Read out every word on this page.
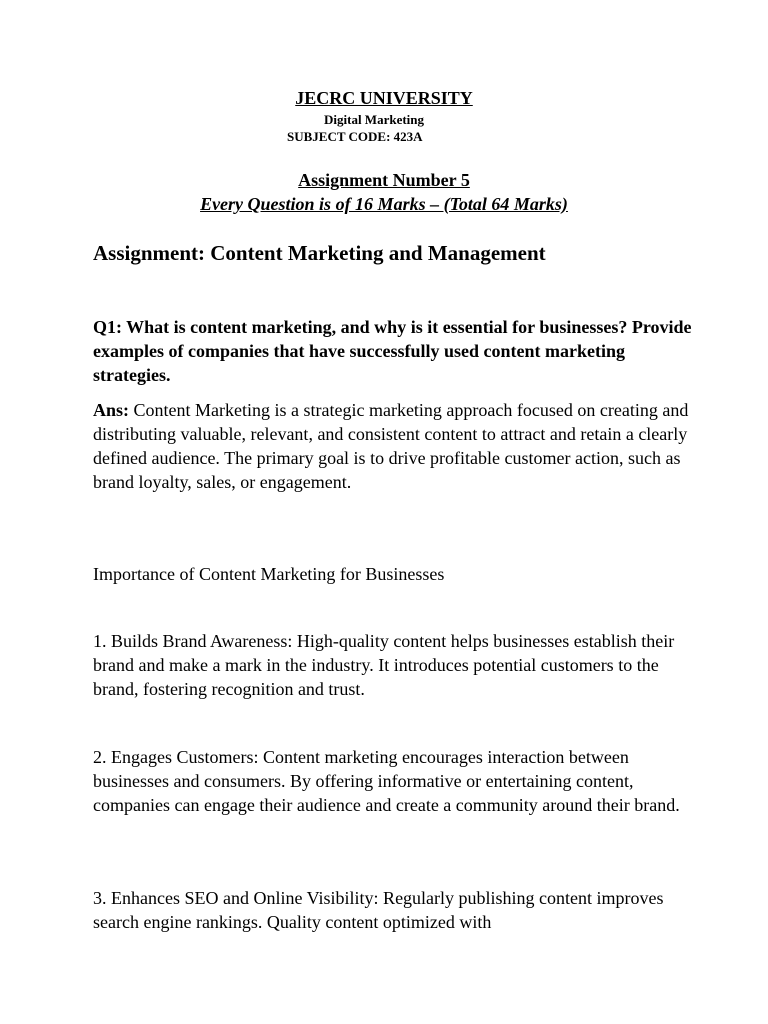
JECRC UNIVERSITY
Digital Marketing
SUBJECT CODE: 423A
Assignment Number 5
Every Question is of 16 Marks – (Total 64 Marks)
Assignment: Content Marketing and Management
Q1: What is content marketing, and why is it essential for businesses? Provide examples of companies that have successfully used content marketing strategies.
Ans: Content Marketing is a strategic marketing approach focused on creating and distributing valuable, relevant, and consistent content to attract and retain a clearly defined audience. The primary goal is to drive profitable customer action, such as brand loyalty, sales, or engagement.
Importance of Content Marketing for Businesses
1. Builds Brand Awareness: High-quality content helps businesses establish their brand and make a mark in the industry. It introduces potential customers to the brand, fostering recognition and trust.
2. Engages Customers: Content marketing encourages interaction between businesses and consumers. By offering informative or entertaining content, companies can engage their audience and create a community around their brand.
3. Enhances SEO and Online Visibility: Regularly publishing content improves search engine rankings. Quality content optimized with
